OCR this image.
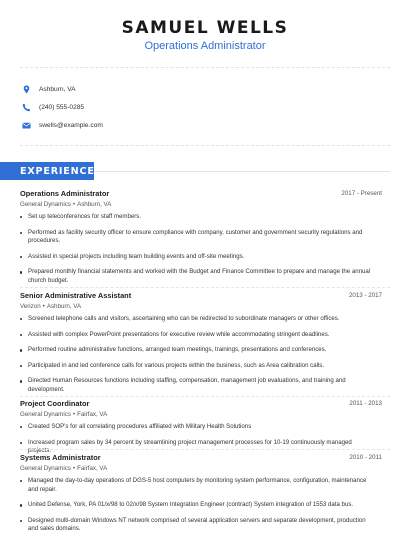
SAMUEL WELLS
Operations Administrator
Ashburn, VA
(240) 555-0285
swells@example.com
EXPERIENCE
Operations Administrator	2017 - Present
General Dynamics • Ashburn, VA
Set up teleconferences for staff members.
Performed as facility security officer to ensure compliance with company, customer and government security regulations and procedures.
Assisted in special projects including team building events and off-site meetings.
Prepared monthly financial statements and worked with the Budget and Finance Committee to prepare and manage the annual church budget.
Senior Administrative Assistant	2013 - 2017
Verizon • Ashburn, VA
Screened telephone calls and visitors, ascertaining who can be redirected to subordinate managers or other offices.
Assisted with complex PowerPoint presentations for executive review while accommodating stringent deadlines.
Performed routine administrative functions, arranged team meetings, trainings, presentations and conferences.
Participated in and led conference calls for various projects within the business, such as Area calibration calls.
Directed Human Resources functions including staffing, compensation, management job evaluations, and training and development.
Project Coordinator	2011 - 2013
General Dynamics • Fairfax, VA
Created SOP's for all correlating procedures affiliated with Military Health Solutions
Increased program sales by 34 percent by streamlining project management processes for 10-19 continuously managed projects.
Systems Administrator	2010 - 2011
General Dynamics • Fairfax, VA
Managed the day-to-day operations of DGS-5 host computers by monitoring system performance, configuration, maintenance and repair.
United Defense, York, PA 01/x/98 to 02/x/98 System Integration Engineer (contract) System integration of 1553 data bus.
Designed multi-domain Windows NT network comprised of several application servers and separate development, production and sales domains.
